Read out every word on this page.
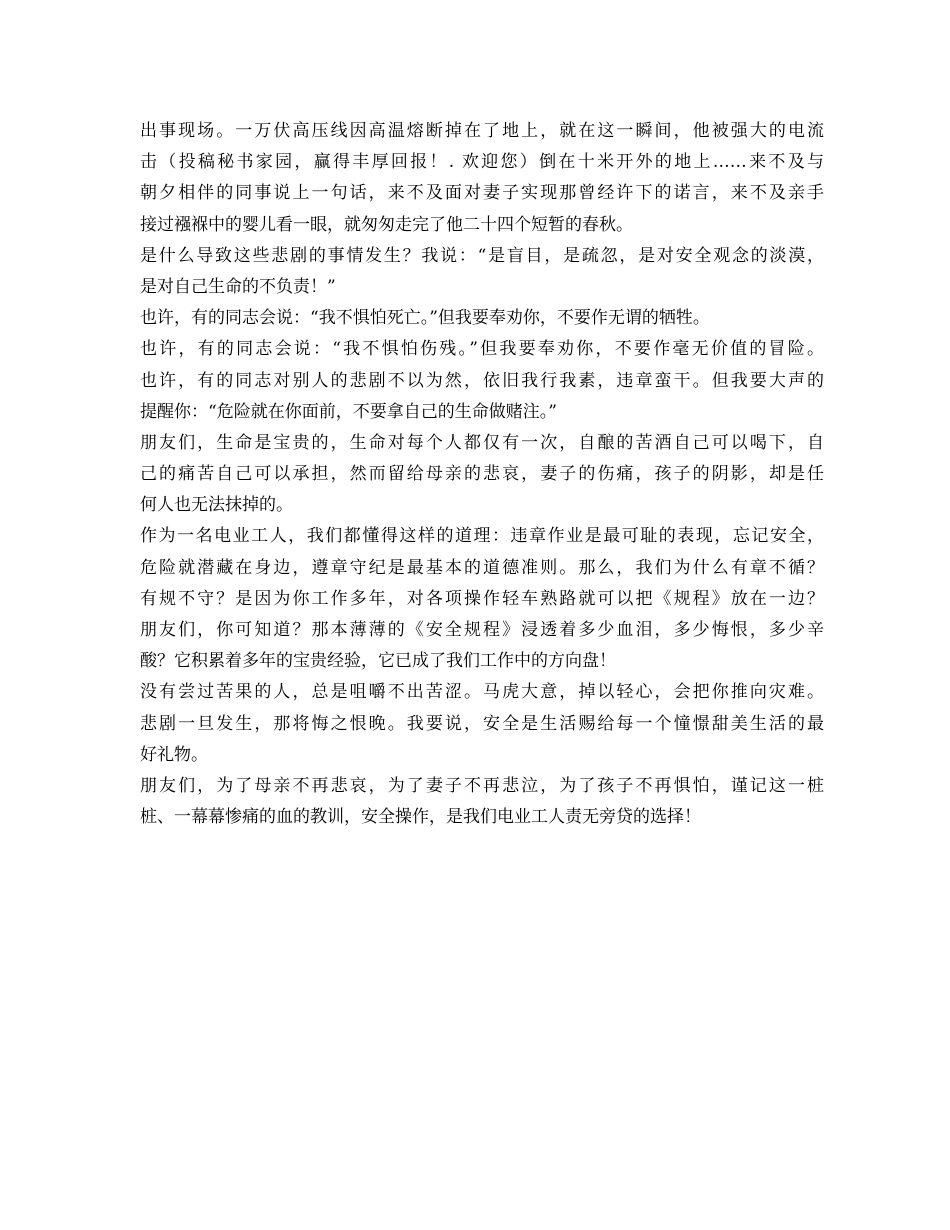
出事现场。一万伏高压线因高温熔断掉在了地上，就在这一瞬间，他被强大的电流
击（投稿秘书家园，赢得丰厚回报！. 欢迎您）倒在十米开外的地上……来不及与
朝夕相伴的同事说上一句话，来不及面对妻子实现那曾经许下的诺言，来不及亲手
接过襁褓中的婴儿看一眼，就匆匆走完了他二十四个短暂的春秋。
是什么导致这些悲剧的事情发生？我说：“是盲目，是疏忽，是对安全观念的淡漠，
是对自己生命的不负责！”
也许，有的同志会说：“我不惧怕死亡。”但我要奉劝你，不要作无谓的牺牲。
也许，有的同志会说：“我不惧怕伤残。”但我要奉劝你，不要作毫无价值的冒险。
也许，有的同志对别人的悲剧不以为然，依旧我行我素，违章蛮干。但我要大声的
提醒你：“危险就在你面前，不要拿自己的生命做赌注。”
朋友们，生命是宝贵的，生命对每个人都仅有一次，自酿的苦酒自己可以喝下，自
己的痛苦自己可以承担，然而留给母亲的悲哀，妻子的伤痛，孩子的阴影，却是任
何人也无法抹掉的。
作为一名电业工人，我们都懂得这样的道理：违章作业是最可耻的表现，忘记安全，
危险就潜藏在身边，遵章守纪是最基本的道德准则。那么，我们为什么有章不循？
有规不守？是因为你工作多年，对各项操作轻车熟路就可以把《规程》放在一边？
朋友们，你可知道？那本薄薄的《安全规程》浸透着多少血泪，多少悔恨，多少辛
酸？它积累着多年的宝贵经验，它已成了我们工作中的方向盘！
没有尝过苦果的人，总是咀嚼不出苦涩。马虎大意，掉以轻心，会把你推向灾难。
悲剧一旦发生，那将悔之恨晚。我要说，安全是生活赐给每一个憧憬甜美生活的最
好礼物。
朋友们，为了母亲不再悲哀，为了妻子不再悲泣，为了孩子不再惧怕，谨记这一桩
桩、一幕幕惨痛的血的教训，安全操作，是我们电业工人责无旁贷的选择！
